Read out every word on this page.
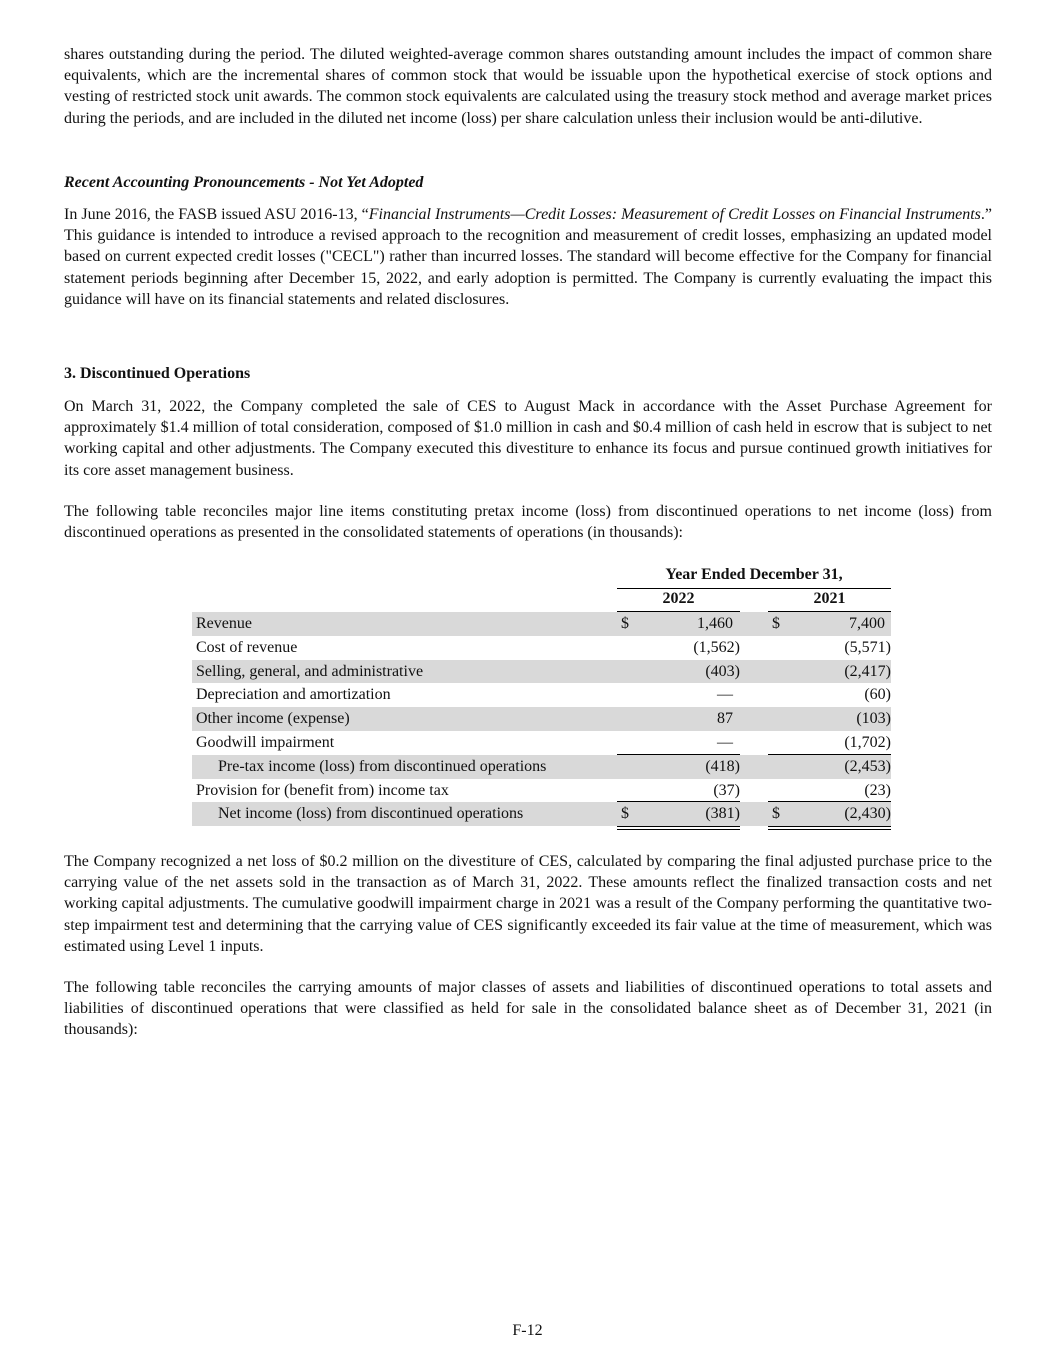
shares outstanding during the period. The diluted weighted-average common shares outstanding amount includes the impact of common share equivalents, which are the incremental shares of common stock that would be issuable upon the hypothetical exercise of stock options and vesting of restricted stock unit awards. The common stock equivalents are calculated using the treasury stock method and average market prices during the periods, and are included in the diluted net income (loss) per share calculation unless their inclusion would be anti-dilutive.

Recent Accounting Pronouncements - Not Yet Adopted

In June 2016, the FASB issued ASU 2016-13, “Financial Instruments—Credit Losses: Measurement of Credit Losses on Financial Instruments.” This guidance is intended to introduce a revised approach to the recognition and measurement of credit losses, emphasizing an updated model based on current expected credit losses ("CECL") rather than incurred losses. The standard will become effective for the Company for financial statement periods beginning after December 15, 2022, and early adoption is permitted. The Company is currently evaluating the impact this guidance will have on its financial statements and related disclosures.

3. Discontinued Operations

On March 31, 2022, the Company completed the sale of CES to August Mack in accordance with the Asset Purchase Agreement for approximately $1.4 million of total consideration, composed of $1.0 million in cash and $0.4 million of cash held in escrow that is subject to net working capital and other adjustments. The Company executed this divestiture to enhance its focus and pursue continued growth initiatives for its core asset management business.

The following table reconciles major line items constituting pretax income (loss) from discontinued operations to net income (loss) from discontinued operations as presented in the consolidated statements of operations (in thousands):

The Company recognized a net loss of $0.2 million on the divestiture of CES, calculated by comparing the final adjusted purchase price to the carrying value of the net assets sold in the transaction as of March 31, 2022. These amounts reflect the finalized transaction costs and net working capital adjustments. The cumulative goodwill impairment charge in 2021 was a result of the Company performing the quantitative two-step impairment test and determining that the carrying value of CES significantly exceeded its fair value at the time of measurement, which was estimated using Level 1 inputs.

The following table reconciles the carrying amounts of major classes of assets and liabilities of discontinued operations to total assets and liabilities of discontinued operations that were classified as held for sale in the consolidated balance sheet as of December 31, 2021 (in thousands):

Year Ended December 31,
2022	2021
Revenue	$	1,460 $	7,400
Cost of revenue	(1,562)	(5,571)
Selling, general, and administrative	(403)	(2,417)
Depreciation and amortization	—	(60)
Other income (expense)	87	(103)
Goodwill impairment	—	(1,702)
Pre-tax income (loss) from discontinued operations	(418)	(2,453)
Provision for (benefit from) income tax	(37)	(23)
Net income (loss) from discontinued operations	$	(381) $	(2,430)
F-12
